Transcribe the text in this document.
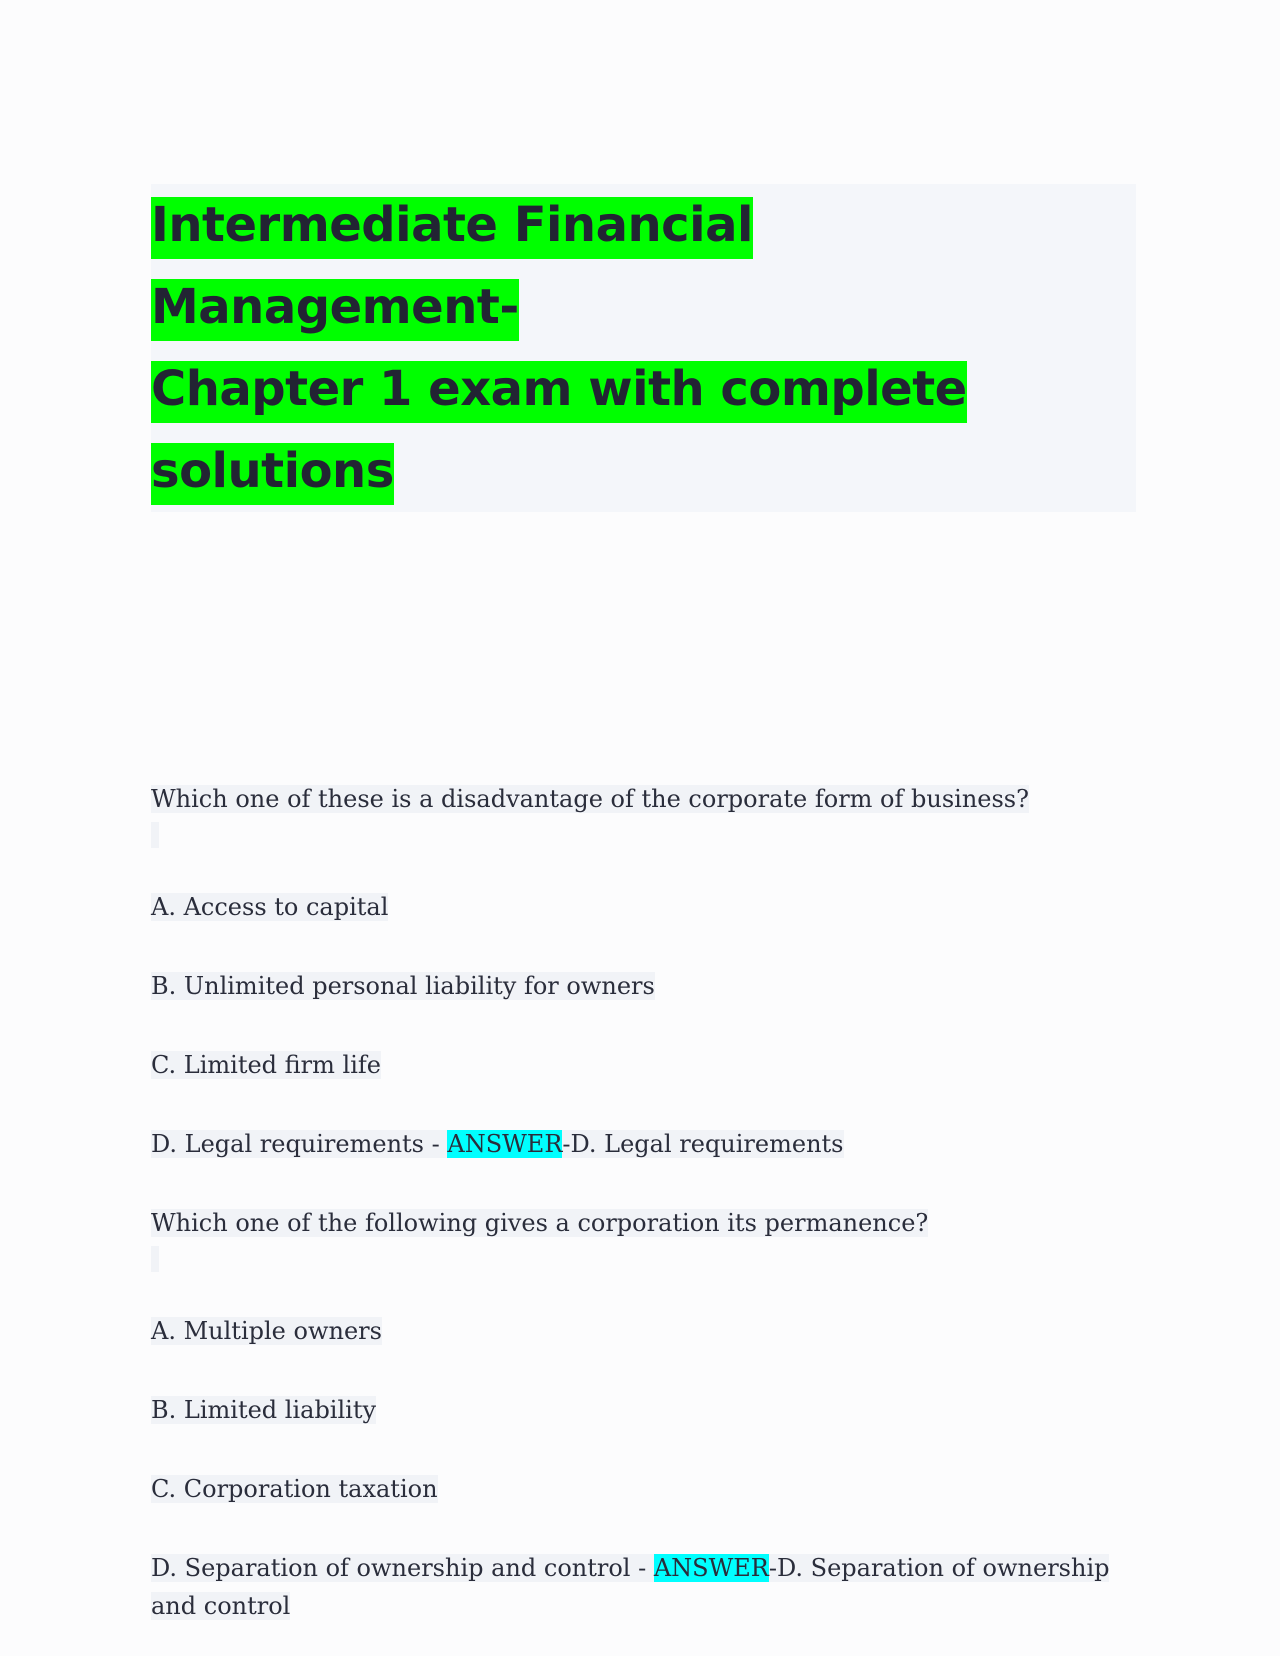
Intermediate Financial Management-
Chapter 1 exam with complete solutions

Which one of these is a disadvantage of the corporate form of business?

A. Access to capital

B. Unlimited personal liability for owners

C. Limited firm life

D. Legal requirements - ANSWER-D. Legal requirements

Which one of the following gives a corporation its permanence?

A. Multiple owners

B. Limited liability

C. Corporation taxation

D. Separation of ownership and control - ANSWER-D. Separation of ownership and control
